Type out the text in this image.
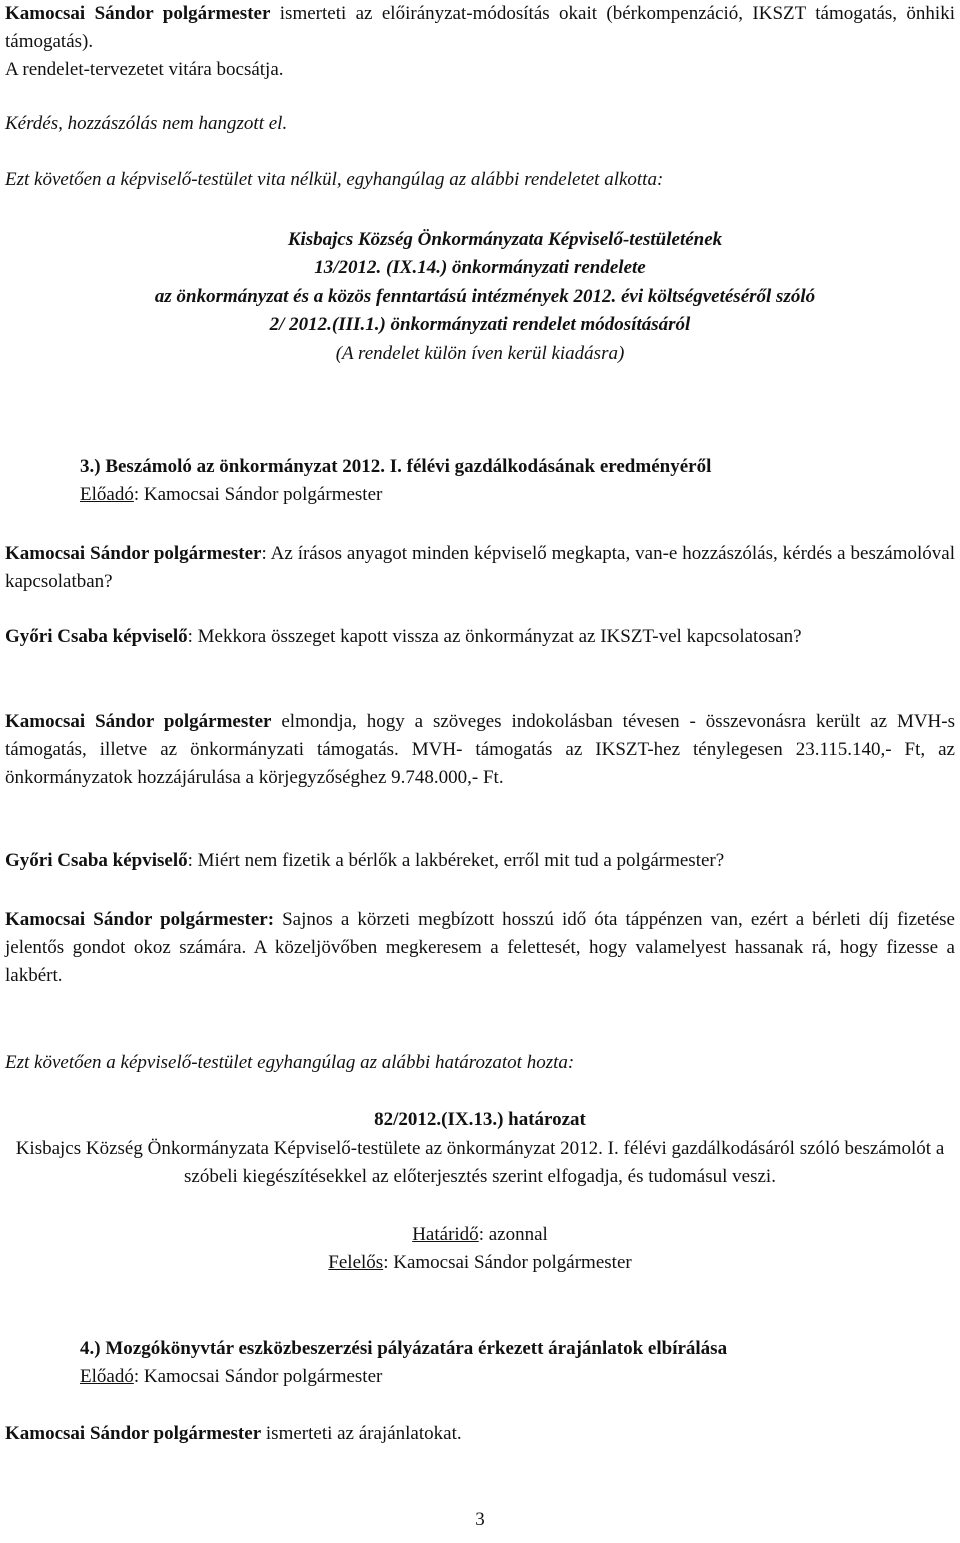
Kamocsai Sándor polgármester ismerteti az előirányzat-módosítás okait (bérkompenzáció, IKSZT támogatás, önhiki támogatás).
A rendelet-tervezetet vitára bocsátja.

Kérdés, hozzászólás nem hangzott el.

Ezt követően a képviselő-testület vita nélkül, egyhangúlag az alábbi rendeletet alkotta:

Kisbajcs Község Önkormányzata Képviselő-testületének

13/2012. (IX.14.) önkormányzati rendelete

az önkormányzat és a közös fenntartású intézmények 2012. évi költségvetéséről szóló

2/ 2012.(III.1.) önkormányzati rendelet módosításáról

(A rendelet külön íven kerül kiadásra)

3.) Beszámoló az önkormányzat 2012. I. félévi gazdálkodásának eredményéről

Előadó: Kamocsai Sándor polgármester

Kamocsai Sándor polgármester: Az írásos anyagot minden képviselő megkapta, van-e hozzászólás, kérdés a beszámolóval kapcsolatban?

Győri Csaba képviselő: Mekkora összeget kapott vissza az önkormányzat az IKSZT-vel kapcsolatosan?

Kamocsai Sándor polgármester elmondja, hogy a szöveges indokolásban tévesen - összevonásra került az MVH-s támogatás, illetve az önkormányzati támogatás. MVH- támogatás az IKSZT-hez ténylegesen 23.115.140,- Ft, az önkormányzatok hozzájárulása a körjegyzőséghez 9.748.000,- Ft.

Győri Csaba képviselő: Miért nem fizetik a bérlők a lakbéreket, erről mit tud a polgármester?

Kamocsai Sándor polgármester: Sajnos a körzeti megbízott hosszú idő óta táppénzen van, ezért a bérleti díj fizetése jelentős gondot okoz számára. A közeljövőben megkeresem a felettesét, hogy valamelyest hassanak rá, hogy fizesse a lakbért.

Ezt követően a képviselő-testület egyhangúlag az alábbi határozatot hozta:

82/2012.(IX.13.) határozat

Kisbajcs Község Önkormányzata Képviselő-testülete az önkormányzat 2012. I. félévi gazdálkodásáról szóló beszámolót a szóbeli kiegészítésekkel az előterjesztés szerint elfogadja, és tudomásul veszi.

Határidő: azonnal

Felelős: Kamocsai Sándor polgármester

4.) Mozgókönyvtár eszközbeszerzési pályázatára érkezett árajánlatok elbírálása

Előadó: Kamocsai Sándor polgármester

Kamocsai Sándor polgármester ismerteti az árajánlatokat.

3
